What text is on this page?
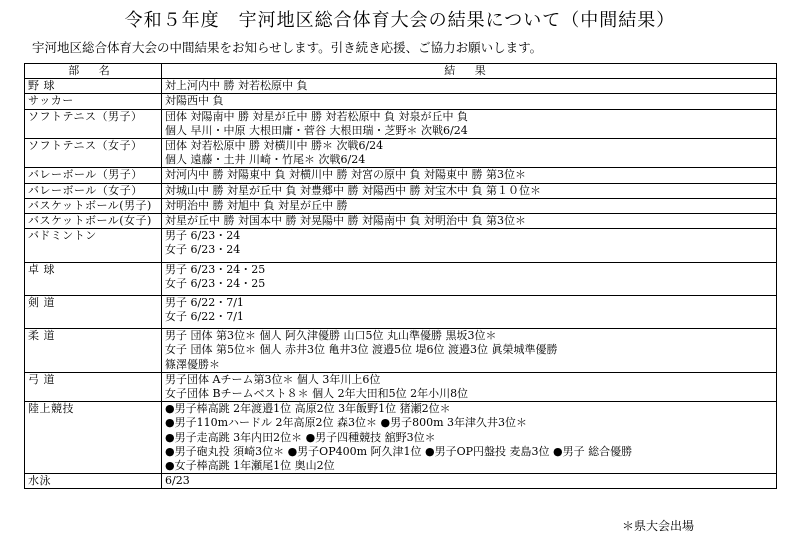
令和５年度　宇河地区総合体育大会の結果について（中間結果）
宇河地区総合体育大会の中間結果をお知らせします。引き続き応援、ご協力お願いします。
部 名	結 果
野 球	対上河内中 勝 対若松原中 負

サッカー	対陽西中 負

ソフトテニス（男子）	団体 対陽南中 勝 対星が丘中 勝 対若松原中 負 対泉が丘中 負
個人 早川・中原 大根田庸・菅谷 大根田瑞・芝野＊ 次戦6/24

ソフトテニス（女子）	団体 対若松原中 勝 対横川中 勝＊ 次戦6/24
個人 遠藤・土井 川崎・竹尾＊ 次戦6/24

バレーボール（男子）	対河内中 勝 対陽東中 負 対横川中 勝 対宮の原中 負 対陽東中 勝 第3位＊

バレーボール（女子）	対城山中 勝 対星が丘中 負 対豊郷中 勝 対陽西中 勝 対宝木中 負 第１０位＊

バスケットボール(男子)	対明治中 勝 対旭中 負 対星が丘中 勝

バスケットボール(女子)	対星が丘中 勝 対国本中 勝 対晃陽中 勝 対陽南中 負 対明治中 負 第3位＊

バドミントン	男子 6/23・24
女子 6/23・24

卓 球	男子 6/23・24・25
女子 6/23・24・25

剣 道	男子 6/22・7/1
女子 6/22・7/1

柔 道	男子 団体 第3位＊ 個人 阿久津優勝 山口5位 丸山準優勝 黒坂3位＊
女子 団体 第5位＊ 個人 赤井3位 亀井3位 渡邉5位 堤6位 渡邉3位 眞榮城準優勝
篠澤優勝＊

弓 道	男子団体 Aチーム第3位＊ 個人 3年川上6位
女子団体 Bチームベスト８＊ 個人 2年大田和5位 2年小川8位

陸上競技	●男子棒高跳 2年渡邉1位 高原2位 3年飯野1位 猪瀬2位＊
●男子110mハードル 2年高原2位 森3位＊ ●男子800m 3年津久井3位＊
●男子走高跳 3年内田2位＊ ●男子四種競技 舘野3位＊
●男子砲丸投 須崎3位＊ ●男子OP400m 阿久津1位 ●男子OP円盤投 麦島3位 ●男子 総合優勝
●女子棒高跳 1年瀬尾1位 奥山2位

水泳	6/23
＊県大会出場
